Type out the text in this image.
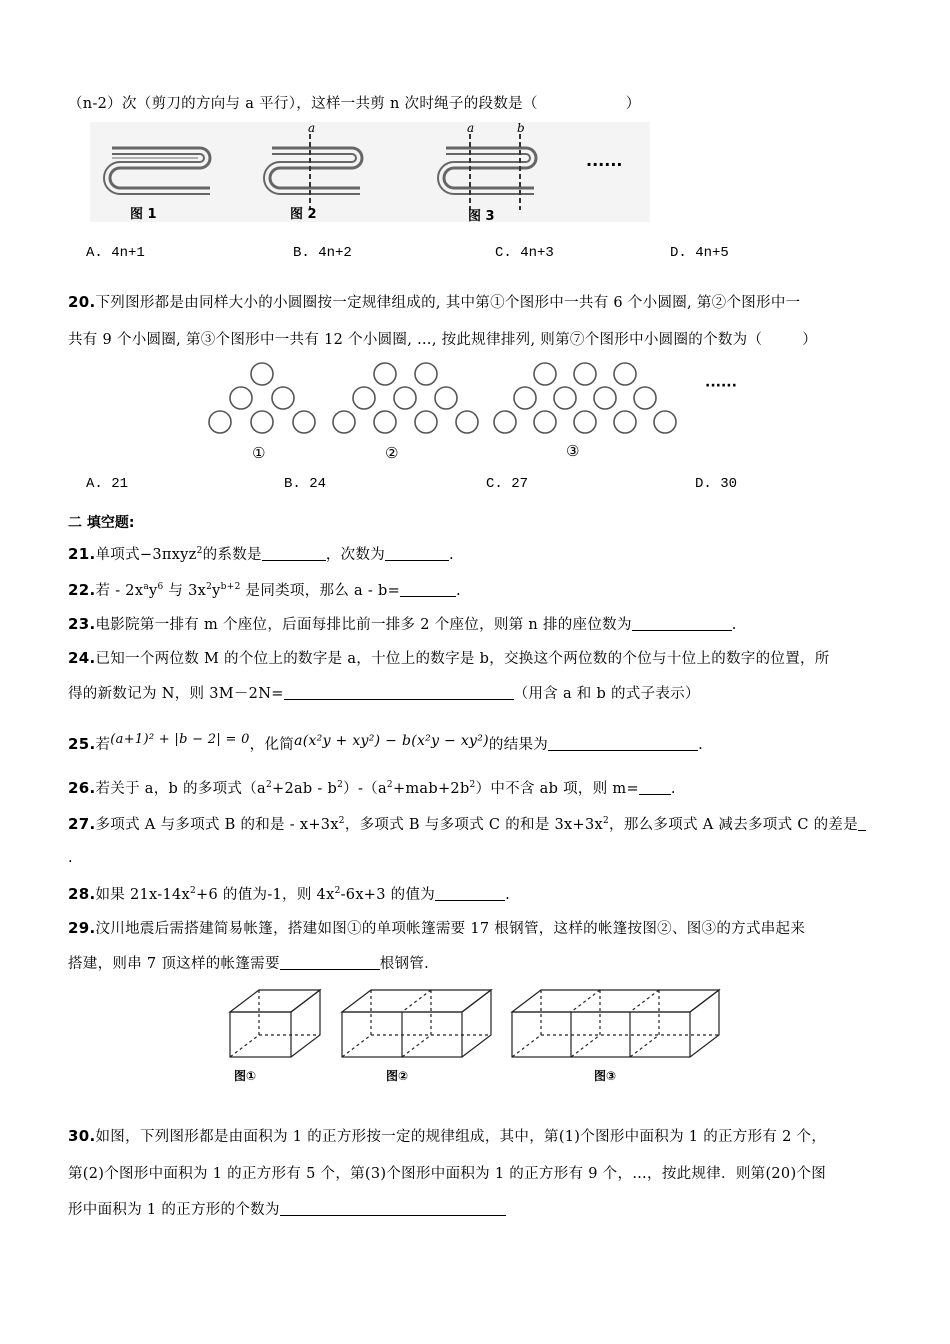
（n-2）次（剪刀的方向与 a 平行），这样一共剪 n 次时绳子的段数是（	）
a	a	b
图 1	图 2	图 3
······
A. 4n+1	B. 4n+2	C. 4n+3	D. 4n+5
20.下列图形都是由同样大小的小圆圈按一定规律组成的, 其中第①个图形中一共有 6 个小圆圈, 第②个图形中一
共有 9 个小圆圈, 第③个图形中一共有 12 个小圆圈, …, 按此规律排列, 则第⑦个图形中小圆圈的个数为（	）
①	②	③
······
A. 21	B. 24	C. 27	D. 30
二 填空题:
21.单项式−3πxyz$^2$的系数是	，次数为	.
22.若 - $2x^ay^6$ 与 $3x^2y^{b+2}$ 是同类项，那么 a - b=	.
23.电影院第一排有 m 个座位，后面每排比前一排多 2 个座位，则第 n 排的座位数为	.
24.已知一个两位数 M 的个位上的数字是 a，十位上的数字是 b，交换这个两位数的个位与十位上的数字的位置，所
得的新数记为 N，则 3M－2N=	（用含 a 和 b 的式子表示）
25.若(a+1)² + |b − 2| = 0，化简a(x²y + xy²) − b(x²y − xy²)的结果为	.
26.若关于 a，b 的多项式$(a^2+2ab - b^2)-(a^2+mab+2b^2)$中不含 ab 项，则 m= .
27.多项式 A 与多项式 B 的和是 - $x+3x^2$，多项式 B 与多项式 C 的和是 $3x+3x^2$，那么多项式 A 减去多项式 C 的差是
.
28.如果 $21x-14x^2+6$ 的值为-1，则 $4x^2-6x+3$ 的值为	.
29.汶川地震后需搭建简易帐篷，搭建如图①的单项帐篷需要 17 根钢管，这样的帐篷按图②、图③的方式串起来
搭建，则串 7 顶这样的帐篷需要	根钢管.
图①	图②	图③
30.如图，下列图形都是由面积为 1 的正方形按一定的规律组成，其中，第(1)个图形中面积为 1 的正方形有 2 个，
第(2)个图形中面积为 1 的正方形有 5 个，第(3)个图形中面积为 1 的正方形有 9 个，…，按此规律．则第(20)个图
形中面积为 1 的正方形的个数为
